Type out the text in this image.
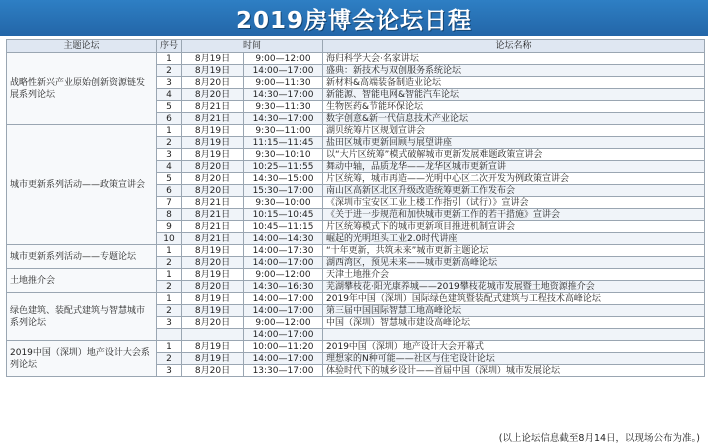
2019房博会论坛日程
主题论坛	序号	时间		论坛名称
战略性新兴产业原始创新资源链发展系列论坛	1	8月19日	9:00—12:00	海归科学大会·名家讲坛
	2	8月19日	14:00—17:00	盛典：新技术与双创服务系统论坛
	3	8月20日	9:00—11:30	新材料&高端装备制造业论坛
	4	8月20日	14:30—17:00	新能源、智能电网&智能汽车论坛
	5	8月21日	9:30—11:30	生物医药&节能环保论坛
	6	8月21日	14:30—17:00	数字创意&新一代信息技术产业论坛
城市更新系列活动——政策宣讲会	1	8月19日	9:30—11:00	湖贝统筹片区规划宣讲会
	2	8月19日	11:15—11:45	盐田区城市更新回顾与展望讲座
	3	8月19日	9:30—10:10	以“大片区统筹”模式破解城市更新发展难题政策宣讲会
	4	8月20日	10:25—11:55	舞动中轴，品质龙华——龙华区城市更新宣讲
	5	8月20日	14:30—15:00	片区统筹，城市再造——光明中心区二次开发为例政策宣讲会
	6	8月20日	15:30—17:00	南山区高新区北区升级改造统筹更新工作发布会
	7	8月21日	9:30—10:00	《深圳市宝安区工业上楼工作指引（试行）》宣讲会
	8	8月21日	10:15—10:45	《关于进一步规范和加快城市更新工作的若干措施》宣讲会
	9	8月21日	10:45—11:15	片区统筹模式下的城市更新项目推进机制宣讲会
	10	8月21日	14:00—14:30	崛起的光明坦头工业2.0时代讲座
城市更新系列活动——专题论坛	1	8月19日	14:00—17:30	“十年更新，共筑未来”城市更新主题论坛
	2	8月20日	14:00—17:00	湖西湾区，预见未来——城市更新高峰论坛
土地推介会	1	8月19日	9:00—12:00	天津土地推介会
	2	8月20日	14:30—16:30	芜湖攀枝花·阳光康养城——2019攀枝花城市发展暨土地资源推介会
绿色建筑、装配式建筑与智慧城市系列论坛	1	8月19日	14:00—17:00	2019年中国（深圳）国际绿色建筑暨装配式建筑与工程技术高峰论坛
	2	8月19日	14:00—17:00	第三届中国国际智慧工地高峰论坛
	3	8月20日	9:00—12:00	中国（深圳）智慧城市建设高峰论坛
			14:00—17:00	
2019中国（深圳）地产设计大会系列论坛	1	8月19日	10:00—11:20	2019中国（深圳）地产设计大会开幕式
	2	8月19日	14:00—17:00	理想家的N种可能——社区与住宅设计论坛
	3	8月20日	13:30—17:00	体验时代下的城乡设计——首届中国（深圳）城市发展论坛
(以上论坛信息截至8月14日，以现场公布为准。)
